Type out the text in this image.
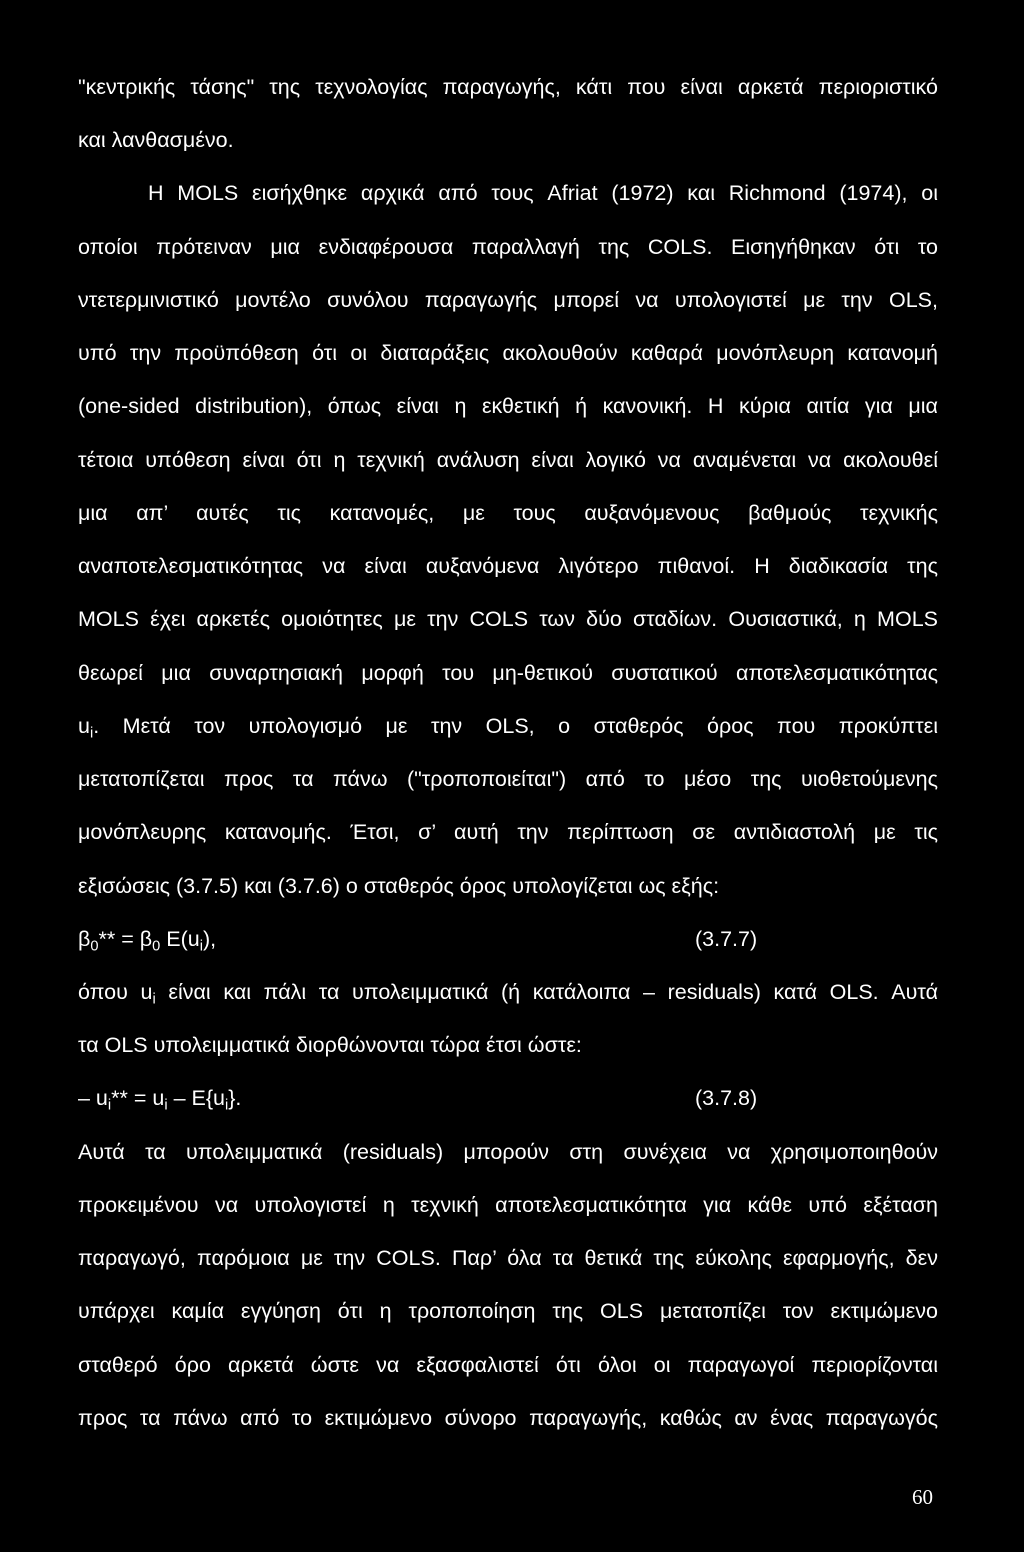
"κεντρικής τάσης" της τεχνολογίας παραγωγής, κάτι που είναι αρκετά περιοριστικό
και λανθασμένο.
Η MOLS εισήχθηκε αρχικά από τους Afriat (1972) και Richmond (1974), οι
οποίοι πρότειναν μια ενδιαφέρουσα παραλλαγή της COLS. Εισηγήθηκαν ότι το
ντετερμινιστικό μοντέλο συνόλου παραγωγής μπορεί να υπολογιστεί με την OLS,
υπό την προϋπόθεση ότι οι διαταράξεις ακολουθούν καθαρά μονόπλευρη κατανομή
(one-sided distribution), όπως είναι η εκθετική ή κανονική. Η κύρια αιτία για μια
τέτοια υπόθεση είναι ότι η τεχνική ανάλυση είναι λογικό να αναμένεται να ακολουθεί
μια απ’ αυτές τις κατανομές, με τους αυξανόμενους βαθμούς τεχνικής
αναποτελεσματικότητας να είναι αυξανόμενα λιγότερο πιθανοί. Η διαδικασία της
MOLS έχει αρκετές ομοιότητες με την COLS των δύο σταδίων. Ουσιαστικά, η MOLS
θεωρεί μια συναρτησιακή μορφή του μη-θετικού συστατικού αποτελεσματικότητας
$u_i$. Μετά τον υπολογισμό με την OLS, ο σταθερός όρος που προκύπτει
μετατοπίζεται προς τα πάνω ("τροποποιείται") από το μέσο της υιοθετούμενης
μονόπλευρης κατανομής. Έτσι, σ’ αυτή την περίπτωση σε αντιδιαστολή με τις
εξισώσεις (3.7.5) και (3.7.6) ο σταθερός όρος υπολογίζεται ως εξής:
$\beta_0** = \beta_0$ $E(u_i)$,	(3.7.7)
όπου $u_i$ είναι και πάλι τα υπολειμματικά (ή κατάλοιπα – residuals) κατά OLS. Αυτά
τα OLS υπολειμματικά διορθώνονται τώρα έτσι ώστε:
– $u_i** = u_i - E\{u_i\}$.	(3.7.8)
Αυτά τα υπολειμματικά (residuals) μπορούν στη συνέχεια να χρησιμοποιηθούν
προκειμένου να υπολογιστεί η τεχνική αποτελεσματικότητα για κάθε υπό εξέταση
παραγωγό, παρόμοια με την COLS. Παρ’ όλα τα θετικά της εύκολης εφαρμογής, δεν
υπάρχει καμία εγγύηση ότι η τροποποίηση της OLS μετατοπίζει τον εκτιμώμενο
σταθερό όρο αρκετά ώστε να εξασφαλιστεί ότι όλοι οι παραγωγοί περιορίζονται
προς τα πάνω από το εκτιμώμενο σύνορο παραγωγής, καθώς αν ένας παραγωγός
60
